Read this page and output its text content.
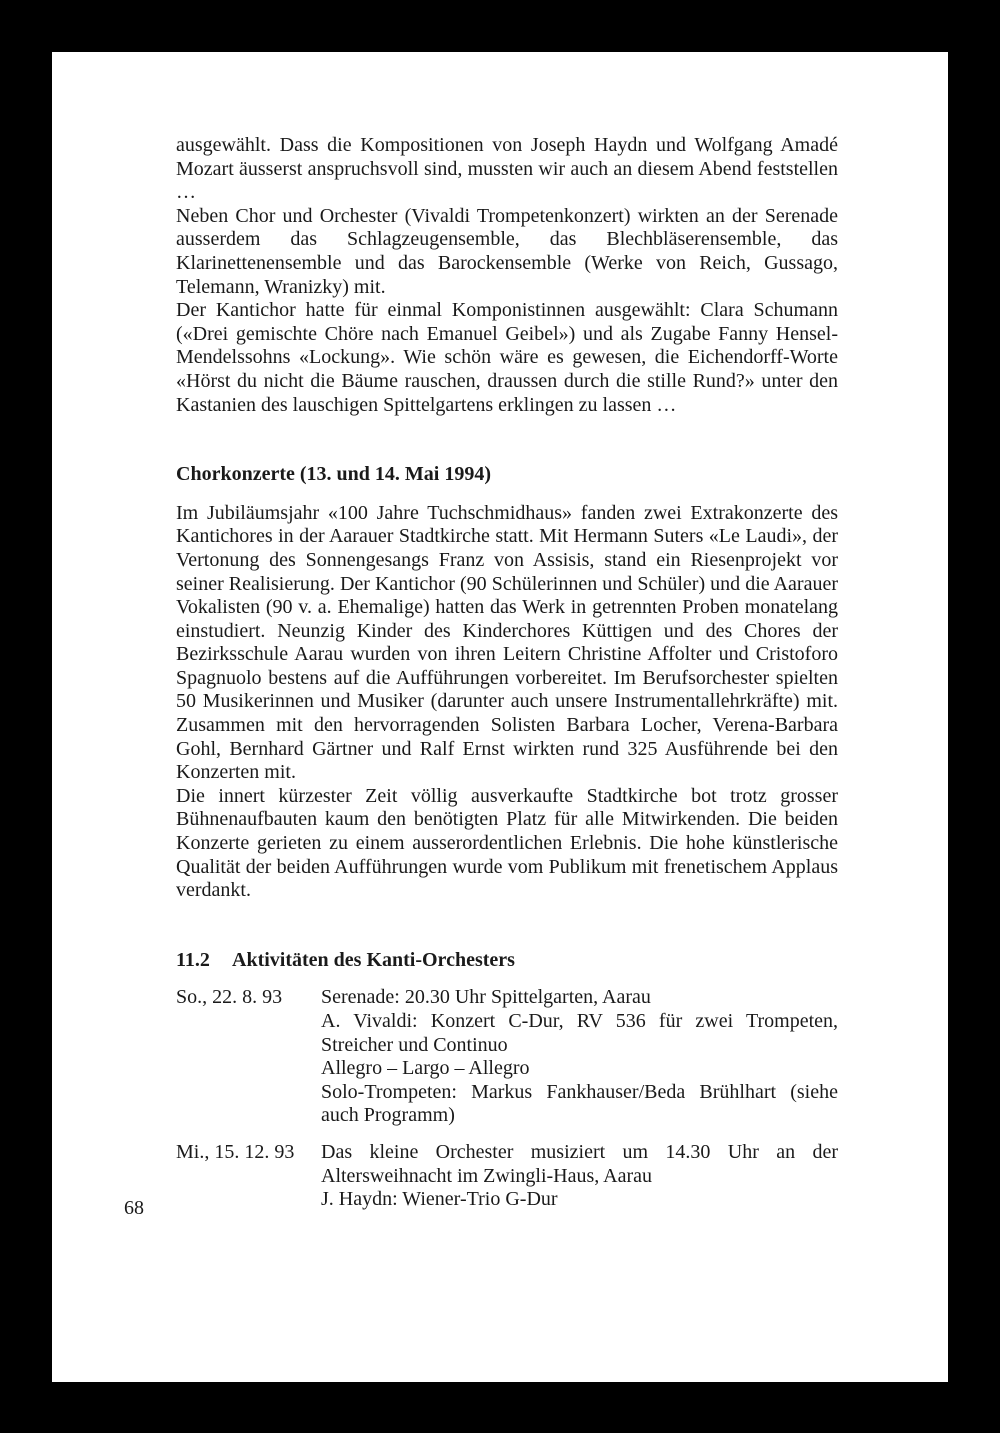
ausgewählt. Dass die Kompositionen von Joseph Haydn und Wolfgang Amadé Mozart äusserst anspruchsvoll sind, mussten wir auch an diesem Abend feststellen …

Neben Chor und Orchester (Vivaldi Trompetenkonzert) wirkten an der Serenade ausserdem das Schlagzeugensemble, das Blechbläserensemble, das Klarinettenensemble und das Barockensemble (Werke von Reich, Gussago, Telemann, Wranizky) mit.

Der Kantichor hatte für einmal Komponistinnen ausgewählt: Clara Schumann («Drei gemischte Chöre nach Emanuel Geibel») und als Zugabe Fanny Hensel-Mendelssohns «Lockung». Wie schön wäre es gewesen, die Eichendorff-Worte «Hörst du nicht die Bäume rauschen, draussen durch die stille Rund?» unter den Kastanien des lauschigen Spittelgartens erklingen zu lassen …

Chorkonzerte (13. und 14. Mai 1994)

Im Jubiläumsjahr «100 Jahre Tuchschmidhaus» fanden zwei Extrakonzerte des Kantichores in der Aarauer Stadtkirche statt. Mit Hermann Suters «Le Laudi», der Vertonung des Sonnengesangs Franz von Assisis, stand ein Riesenprojekt vor seiner Realisierung. Der Kantichor (90 Schülerinnen und Schüler) und die Aarauer Vokalisten (90 v. a. Ehemalige) hatten das Werk in getrennten Proben monatelang einstudiert. Neunzig Kinder des Kinderchores Küttigen und des Chores der Bezirksschule Aarau wurden von ihren Leitern Christine Affolter und Cristoforo Spagnuolo bestens auf die Aufführungen vorbereitet. Im Berufsorchester spielten 50 Musikerinnen und Musiker (darunter auch unsere Instrumentallehrkräfte) mit. Zusammen mit den hervorragenden Solisten Barbara Locher, Verena-Barbara Gohl, Bernhard Gärtner und Ralf Ernst wirkten rund 325 Ausführende bei den Konzerten mit.

Die innert kürzester Zeit völlig ausverkaufte Stadtkirche bot trotz grosser Bühnenaufbauten kaum den benötigten Platz für alle Mitwirkenden. Die beiden Konzerte gerieten zu einem ausserordentlichen Erlebnis. Die hohe künstlerische Qualität der beiden Aufführungen wurde vom Publikum mit frenetischem Applaus verdankt.

11.2 Aktivitäten des Kanti-Orchesters

So., 22. 8. 93	Serenade: 20.30 Uhr Spittelgarten, Aarau
A. Vivaldi: Konzert C-Dur, RV 536 für zwei Trompeten, Streicher und Continuo
Allegro – Largo – Allegro
Solo-Trompeten: Markus Fankhauser/Beda Brühlhart (siehe auch Programm)
Mi., 15. 12. 93	Das kleine Orchester musiziert um 14.30 Uhr an der Altersweihnacht im Zwingli-Haus, Aarau
J. Haydn: Wiener-Trio G-Dur
68
